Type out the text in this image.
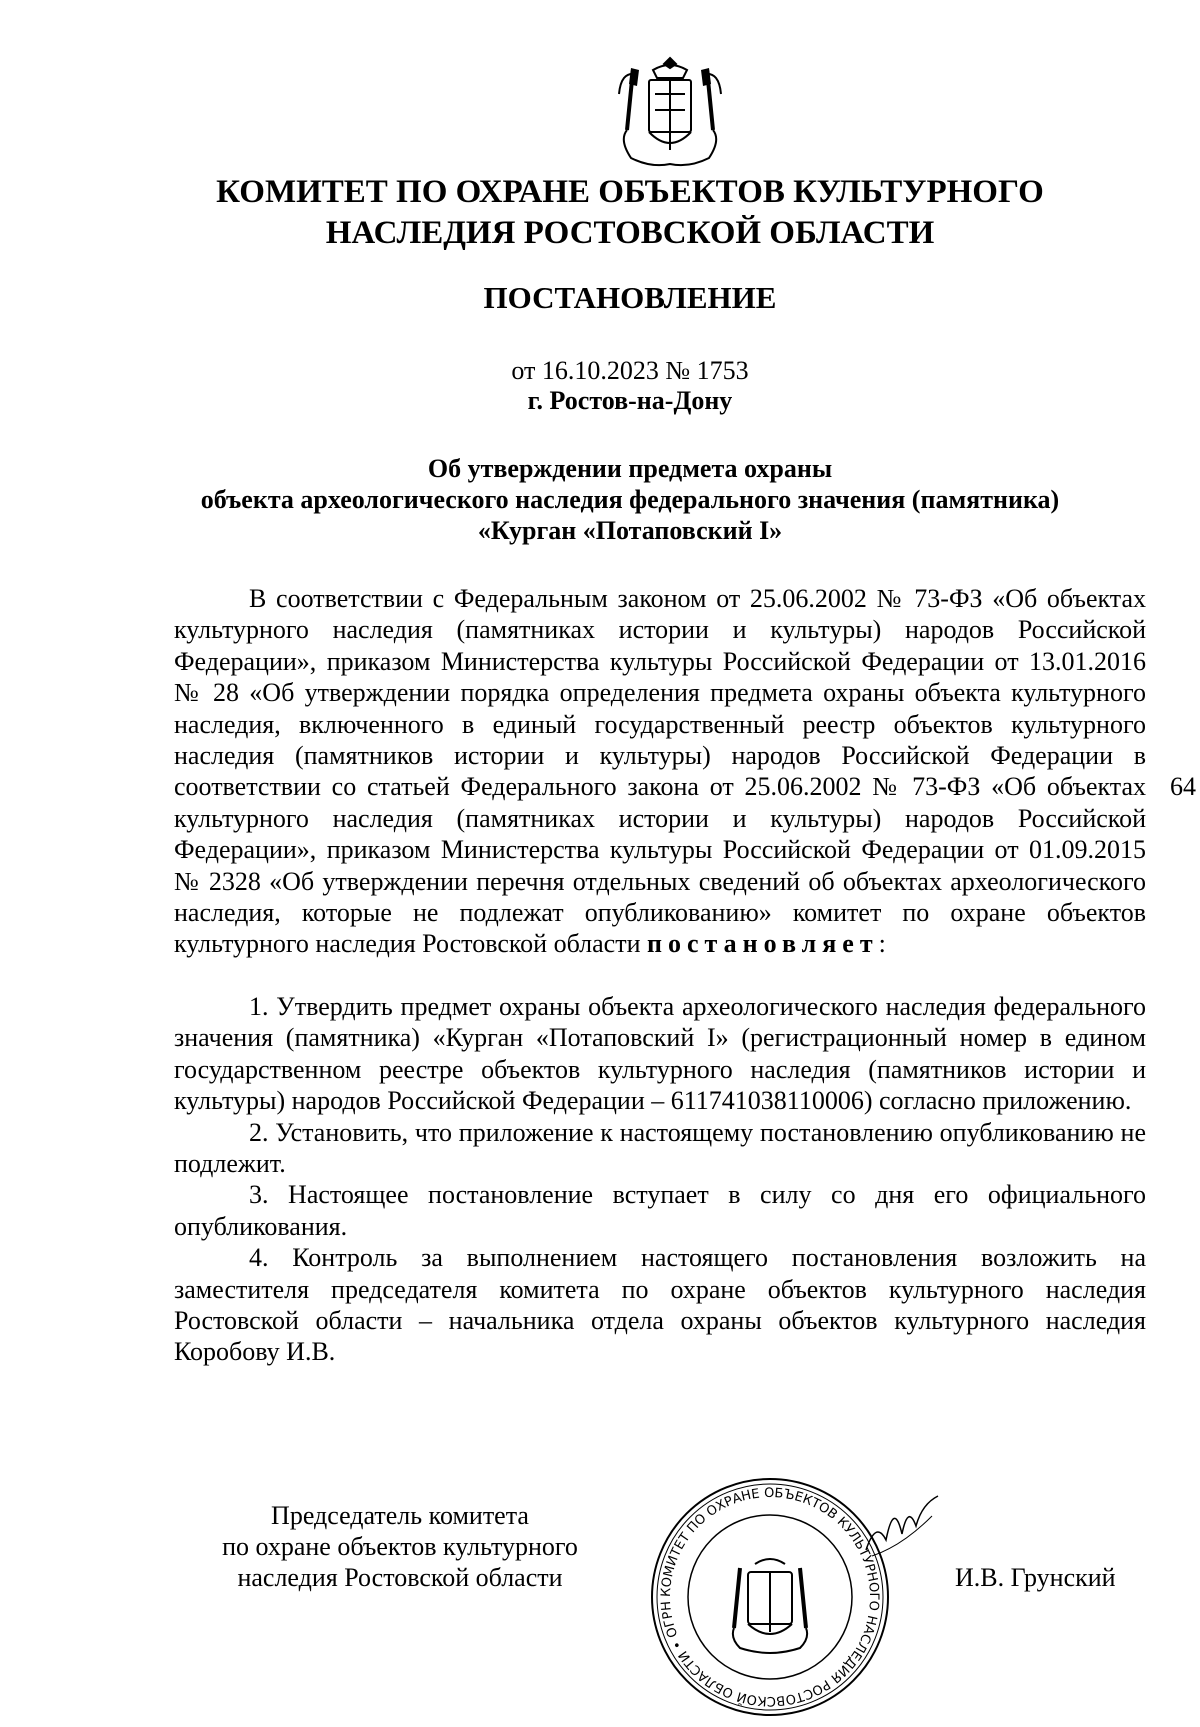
КОМИТЕТ ПО ОХРАНЕ ОБЪЕКТОВ КУЛЬТУРНОГО
НАСЛЕДИЯ РОСТОВСКОЙ ОБЛАСТИ
ПОСТАНОВЛЕНИЕ
от 16.10.2023 № 1753
г. Ростов-на-Дону
Об утверждении предмета охраны
объекта археологического наследия федерального значения (памятника)
«Курган «Потаповский I»

В соответствии с Федеральным законом от 25.06.2002 № 73-ФЗ «Об объектах культурного наследия (памятниках истории и культуры) народов Российской Федерации», приказом Министерства культуры Российской Федерации от 13.01.2016 № 28 «Об утверждении порядка определения предмета охраны объекта культурного наследия, включенного в единый государственный реестр объектов культурного наследия (памятников истории и культуры) народов Российской Федерации в соответствии со статьей Федерального закона от 25.06.2002 № 73-ФЗ «Об объектах культурного наследия (памятниках истории и культуры) народов Российской Федерации», приказом Министерства культуры Российской Федерации от 01.09.2015 № 2328 «Об утверждении перечня отдельных сведений об объектах археологического наследия, которые не подлежат опубликованию» комитет по охране объектов культурного наследия Ростовской области постановляет:

1. Утвердить предмет охраны объекта археологического наследия федерального значения (памятника) «Курган «Потаповский I» (регистрационный номер в едином государственном реестре объектов культурного наследия (памятников истории и культуры) народов Российской Федерации – 611741038110006) согласно приложению.

2. Установить, что приложение к настоящему постановлению опубликованию не подлежит.

3. Настоящее постановление вступает в силу со дня его официального опубликования.

4. Контроль за выполнением настоящего постановления возложить на заместителя председателя комитета по охране объектов культурного наследия Ростовской области – начальника отдела охраны объектов культурного наследия Коробову И.В.

64
Председатель комитета
по охране объектов культурного
наследия Ростовской области
КОМИТЕТ ПО ОХРАНЕ ОБЪЕКТОВ КУЛЬТУРНОГО НАСЛЕДИЯ РОСТОВСКОЙ ОБЛАСТИ • ОГРН
И.В. Грунский
